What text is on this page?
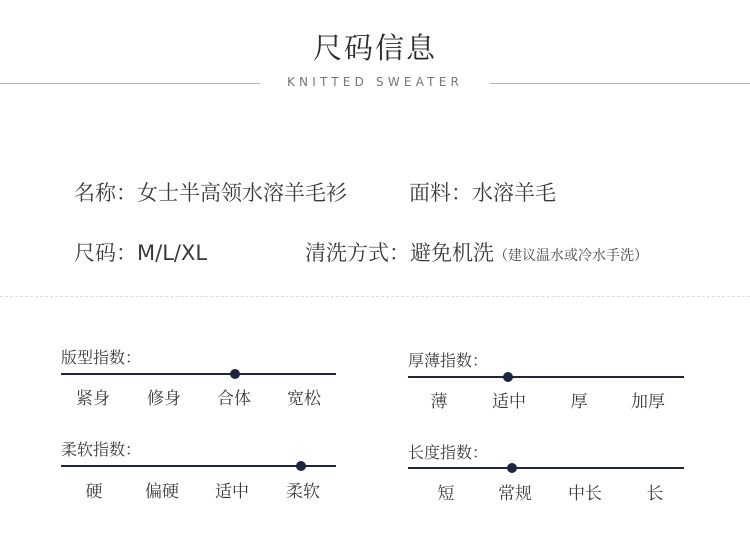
尺码信息
KNITTED SWEATER
名称：女士半高领水溶羊毛衫	面料：水溶羊毛
尺码：M/L/XL	清洗方式：避免机洗（建议温水或冷水手洗）
版型指数：
紧身 修身 合体 宽松
厚薄指数：
薄	适中	厚	加厚
柔软指数：
硬	偏硬 适中 柔软
长度指数：
短	常规 中长	长
